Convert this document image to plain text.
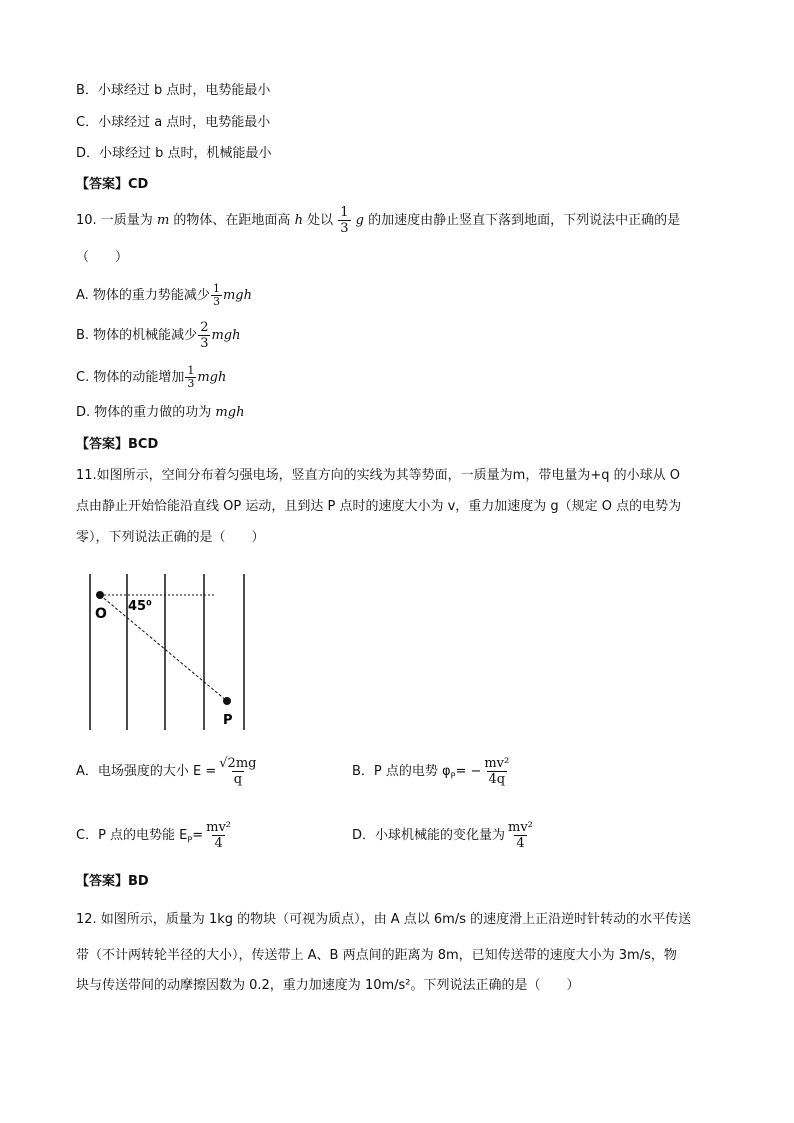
B．小球经过 b 点时，电势能最小
C．小球经过 a 点时，电势能最小
D．小球经过 b 点时，机械能最小
【答案】CD
10. 一质量为 m 的物体、在距地面高 h 处以 $\frac{1}{3}$ g 的加速度由静止竖直下落到地面，下列说法中正确的是
（　　）
A. 物体的重力势能减少 $\frac{1}{3}$ mgh
B. 物体的机械能减少 $\frac{2}{3}$ mgh
C. 物体的动能增加 $\frac{1}{3}$ mgh
D. 物体的重力做的功为 mgh
【答案】BCD
11.如图所示，空间分布着匀强电场，竖直方向的实线为其等势面，一质量为m，带电量为+q 的小球从 O
点由静止开始恰能沿直线 OP 运动，且到达 P 点时的速度大小为 v，重力加速度为 g（规定 O 点的电势为
零），下列说法正确的是（　　）
O 45⁰
P
A．电场强度的大小 $E = \frac{√2mg}{q}$	B．P 点的电势 $\varphi_P= - \frac{\text{mv²}}{4q}$
C．P 点的电势能 $E_P= \frac{\text{mv²}}{4}$	D．小球机械能的变化量为 $\frac{\text{mv²}}{4}$
【答案】BD
12. 如图所示，质量为 1kg 的物块（可视为质点），由 A 点以 6m/s 的速度滑上正沿逆时针转动的水平传送
带（不计两转轮半径的大小），传送带上 A、B 两点间的距离为 8m，已知传送带的速度大小为 3m/s，物
块与传送带间的动摩擦因数为 0.2，重力加速度为 10m/s²。下列说法正确的是（　　）
